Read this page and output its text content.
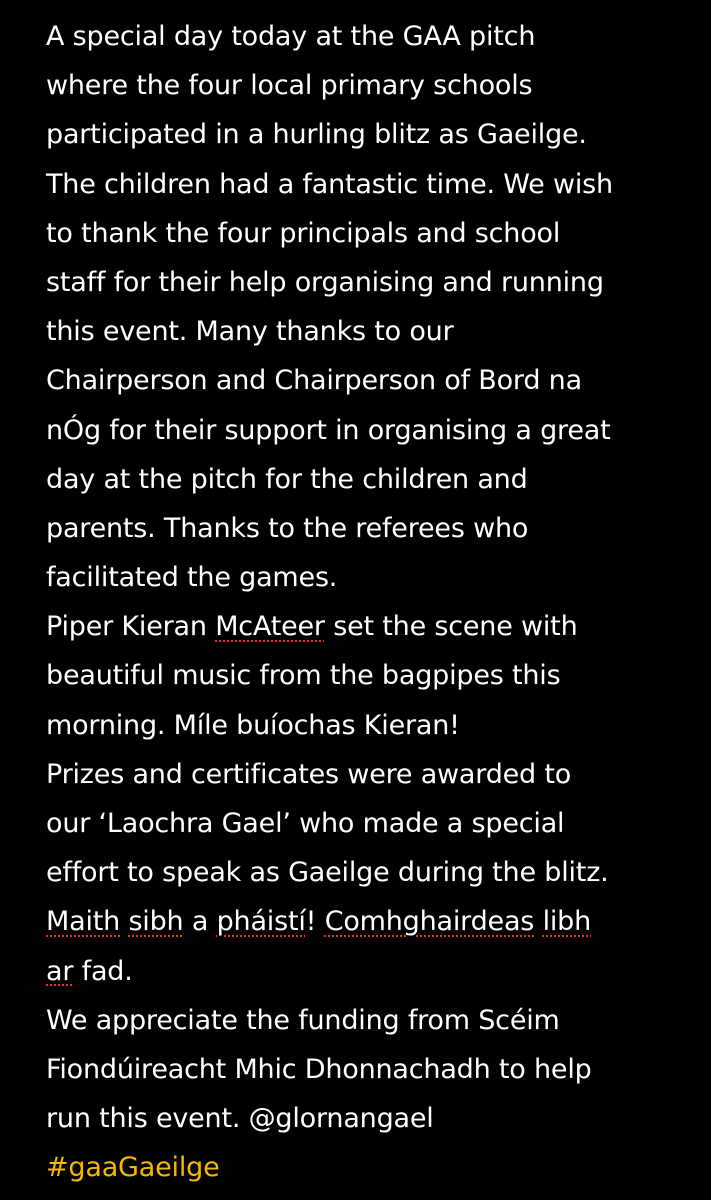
A special day today at the GAA pitch
where the four local primary schools
participated in a hurling blitz as Gaeilge.
The children had a fantastic time. We wish
to thank the four principals and school
staff for their help organising and running
this event. Many thanks to our
Chairperson and Chairperson of Bord na
nÓg for their support in organising a great
day at the pitch for the children and
parents. Thanks to the referees who
facilitated the games.
Piper Kieran McAteer set the scene with
beautiful music from the bagpipes this
morning. Míle buíochas Kieran!
Prizes and certificates were awarded to
our ‘Laochra Gael’ who made a special
effort to speak as Gaeilge during the blitz.
Maith sibh a pháistí! Comhghairdeas libh
ar fad.
We appreciate the funding from Scéim
Fiondúireacht Mhic Dhonnachadh to help
run this event. @glornangael
#gaaGaeilge
